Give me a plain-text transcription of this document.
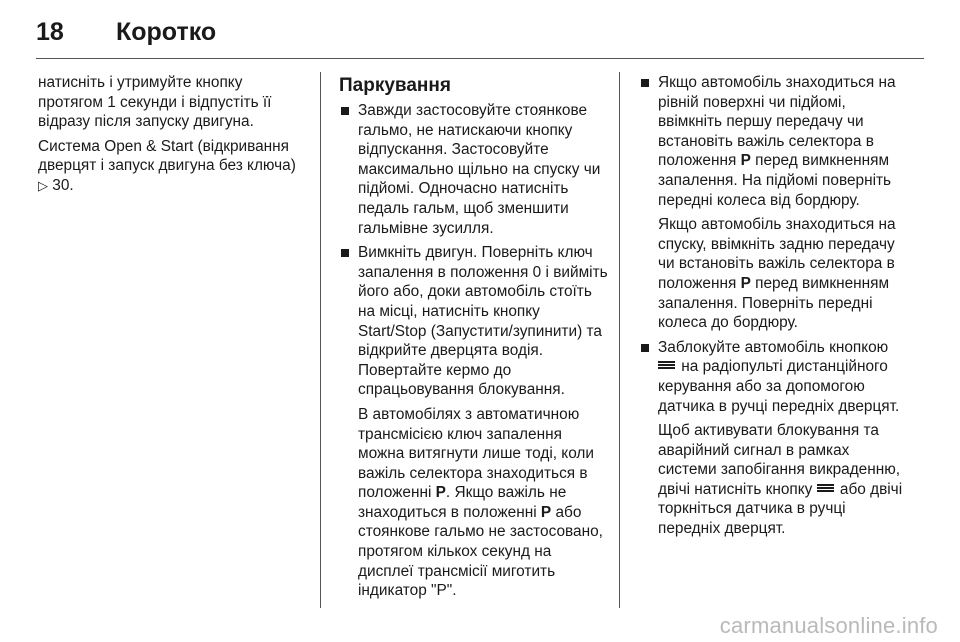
18	Коротко

натисніть і утримуйте кнопку протягом 1 секунди і відпустіть її відразу після запуску двигуна.

Система Open & Start (відкривання дверцят і запуск двигуна без ключа) ▷ 30.

Паркування
Завжди застосовуйте стоянкове гальмо, не натискаючи кнопку відпускання. Застосовуйте максимально щільно на спуску чи підйомі. Одночасно натисніть педаль гальм, щоб зменшити гальмівне зусилля.
Вимкніть двигун. Поверніть ключ запалення в положення 0 і вийміть його або, доки автомобіль стоїть на місці, натисніть кнопку Start/Stop (Запустити/зупинити) та відкрийте дверцята водія. Повертайте кермо до спрацьовування блокування.
В автомобілях з автоматичною трансмісією ключ запалення можна витягнути лише тоді, коли важіль селектора знаходиться в положенні P. Якщо важіль не знаходиться в положенні P або стоянкове гальмо не застосовано, протягом кількох секунд на дисплеї трансмісії миготить індикатор "P".
Якщо автомобіль знаходиться на рівній поверхні чи підйомі, ввімкніть першу передачу чи встановіть важіль селектора в положення P перед вимкненням запалення. На підйомі поверніть передні колеса від бордюру.
Якщо автомобіль знаходиться на спуску, ввімкніть задню передачу чи встановіть важіль селектора в положення P перед вимкненням запалення. Поверніть передні колеса до бордюру.
Заблокуйте автомобіль кнопкою  на радіопульті дистанційного керування або за допомогою датчика в ручці передніх дверцят.
Щоб активувати блокування та аварійний сигнал в рамках системи запобігання викраденню, двічі натисніть кнопку  або двічі торкніться датчика в ручці передніх дверцят.
carmanualsonline.info
